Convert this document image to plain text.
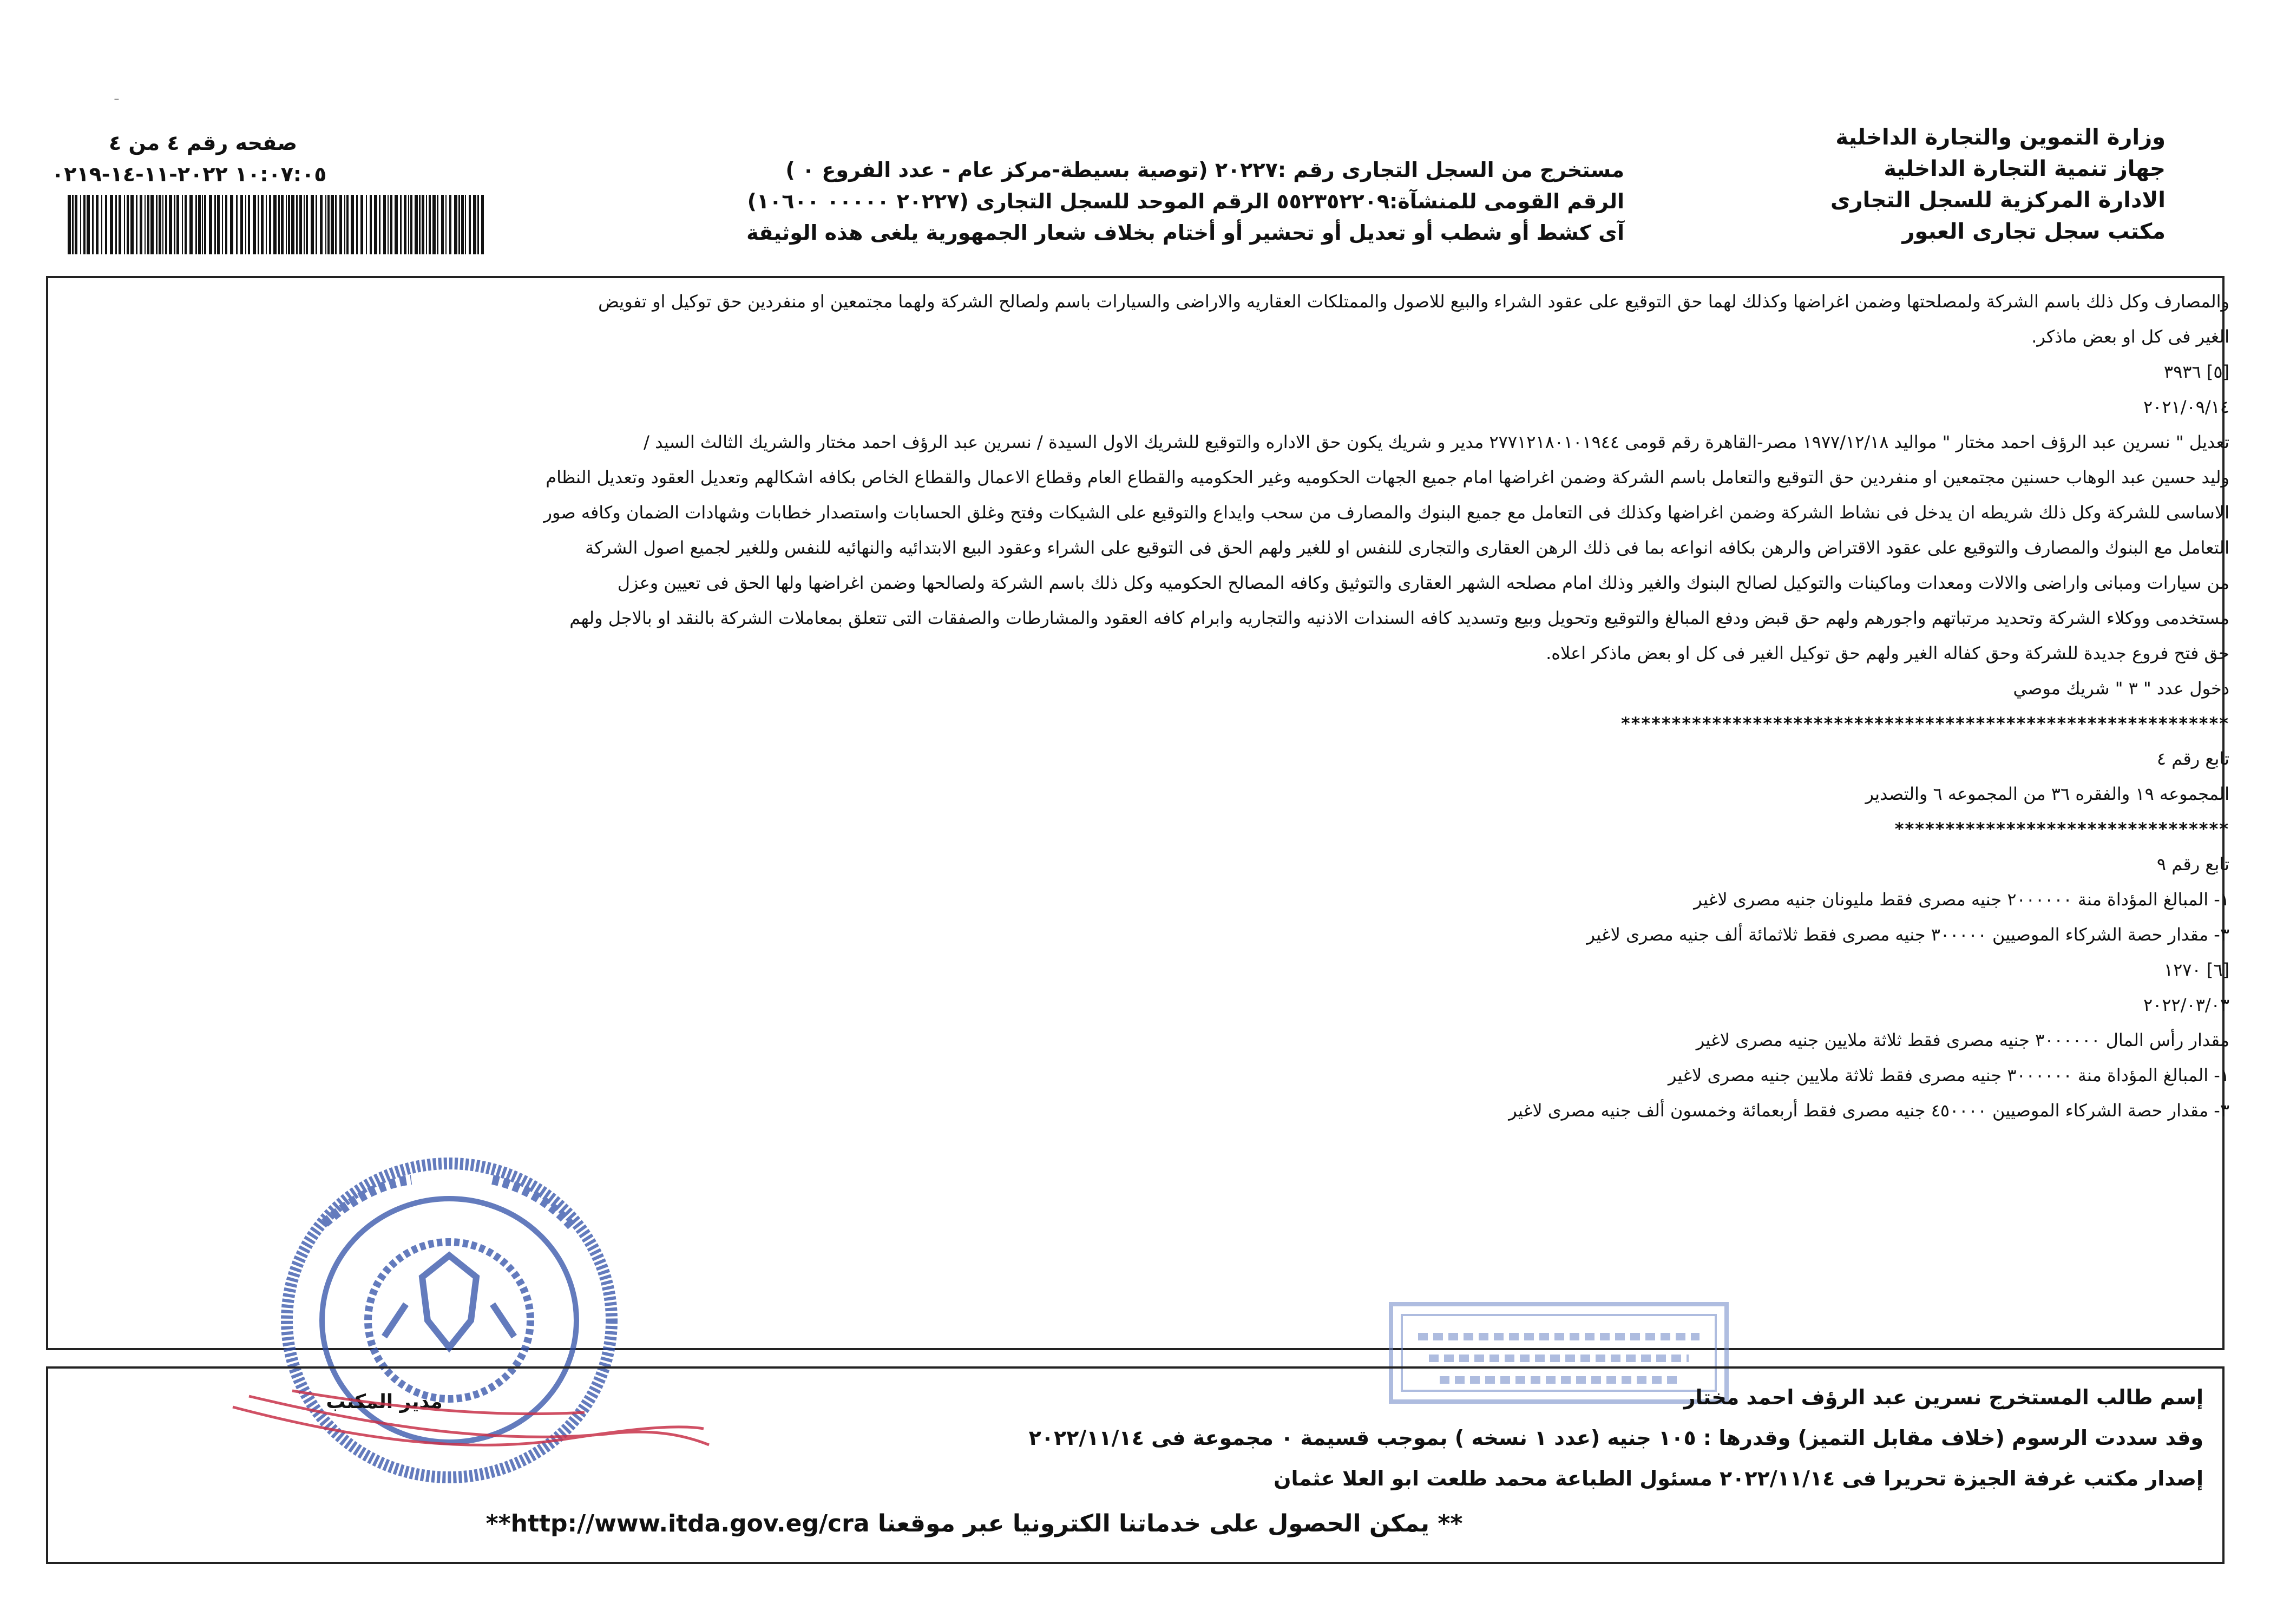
-
وزارة التموين والتجارة الداخلية
جهاز تنمية التجارة الداخلية
الادارة المركزية للسجل التجارى
مكتب سجل تجارى العبور
مستخرج من السجل التجارى رقم :٢٠٢٢٧ (توصية بسيطة-مركز عام - عدد الفروع ٠ )
الرقم القومى للمنشآة:٥٥٢٣٥٢٢٠٩ الرقم الموحد للسجل التجارى (٢٠٢٢٧ ٠٠٠٠٠ ١٠٦٠٠)
آى كشط أو شطب أو تعديل أو تحشير أو أختام بخلاف شعار الجمهورية يلغى هذه الوثيقة
صفحه رقم ٤ من ٤
١٠:٠٧:٠٥ ٢٠٢٢-١١-١٤-٠٢١٩
والمصارف وكل ذلك باسم الشركة ولمصلحتها وضمن اغراضها وكذلك لهما حق التوقيع على عقود الشراء والبيع للاصول والممتلكات العقاريه والاراضى والسيارات باسم ولصالح الشركة ولهما مجتمعين او منفردين حق توكيل او تفويض
الغير فى كل او بعض ماذكر.
[٥] ٣٩٣٦
٢٠٢١/٠٩/١٤
تعديل " نسرين عبد الرؤف احمد مختار " مواليد ١٩٧٧/١٢/١٨ مصر-القاهرة رقم قومى ٢٧٧١٢١٨٠١٠١٩٤٤ مدير و شريك يكون حق الاداره والتوقيع للشريك الاول السيدة / نسرين عبد الرؤف احمد مختار والشريك الثالث السيد /
وليد حسين عبد الوهاب حسنين مجتمعين او منفردين حق التوقيع والتعامل باسم الشركة وضمن اغراضها امام جميع الجهات الحكوميه وغير الحكوميه والقطاع العام وقطاع الاعمال والقطاع الخاص بكافه اشكالهم وتعديل العقود وتعديل النظام
الاساسى للشركة وكل ذلك شريطه ان يدخل فى نشاط الشركة وضمن اغراضها وكذلك فى التعامل مع جميع البنوك والمصارف من سحب وايداع والتوقيع على الشيكات وفتح وغلق الحسابات واستصدار خطابات وشهادات الضمان وكافه صور
التعامل مع البنوك والمصارف والتوقيع على عقود الاقتراض والرهن بكافه انواعه بما فى ذلك الرهن العقارى والتجارى للنفس او للغير ولهم الحق فى التوقيع على الشراء وعقود البيع الابتدائيه والنهائيه للنفس وللغير لجميع اصول الشركة
من سيارات ومبانى واراضى والالات ومعدات وماكينات والتوكيل لصالح البنوك والغير وذلك امام مصلحه الشهر العقارى والتوثيق وكافه المصالح الحكوميه وكل ذلك باسم الشركة ولصالحها وضمن اغراضها ولها الحق فى تعيين وعزل
مستخدمى ووكلاء الشركة وتحديد مرتباتهم واجورهم ولهم حق قبض ودفع المبالغ والتوقيع وتحويل وبيع وتسديد كافه السندات الاذنيه والتجاريه وابرام كافه العقود والمشارطات والصفقات التى تتعلق بمعاملات الشركة بالنقد او بالاجل ولهم
حق فتح فروع جديدة للشركة وحق كفاله الغير ولهم حق توكيل الغير فى كل او بعض ماذكر اعلاه.
دخول عدد " ٣ " شريك موصي
************************************************************
تابع رقم ٤
المجموعه ١٩ والفقره ٣٦ من المجموعه ٦ والتصدير
*********************************
تابع رقم ٩
١- المبالغ المؤداة منة ٢٠٠٠٠٠٠ جنيه مصرى فقط مليونان جنيه مصرى لاغير
٣- مقدار حصة الشركاء الموصيين ٣٠٠٠٠٠ جنيه مصرى فقط ثلاثمائة ألف جنيه مصرى لاغير
[٦] ١٢٧٠
٢٠٢٢/٠٣/٠٣
مقدار رأس المال ٣٠٠٠٠٠٠ جنيه مصرى فقط ثلاثة ملايين جنيه مصرى لاغير
١- المبالغ المؤداة منة ٣٠٠٠٠٠٠ جنيه مصرى فقط ثلاثة ملايين جنيه مصرى لاغير
٣- مقدار حصة الشركاء الموصيين ٤٥٠٠٠٠ جنيه مصرى فقط أربعمائة وخمسون ألف جنيه مصرى لاغير
إسم طالب المستخرج نسرين عبد الرؤف احمد مختار
وقد سددت الرسوم (خلاف مقابل التميز) وقدرها : ١٠٥ جنيه (عدد ١ نسخه ) بموجب قسيمة ٠ مجموعة فى ٢٠٢٢/١١/١٤
إصدار مكتب غرفة الجيزة تحريرا فى ٢٠٢٢/١١/١٤ مسئول الطباعة محمد طلعت ابو العلا عثمان
** يمكن الحصول على خدماتنا الكترونيا عبر موقعنا http://www.itda.gov.eg/cra**
مدير المكتب
